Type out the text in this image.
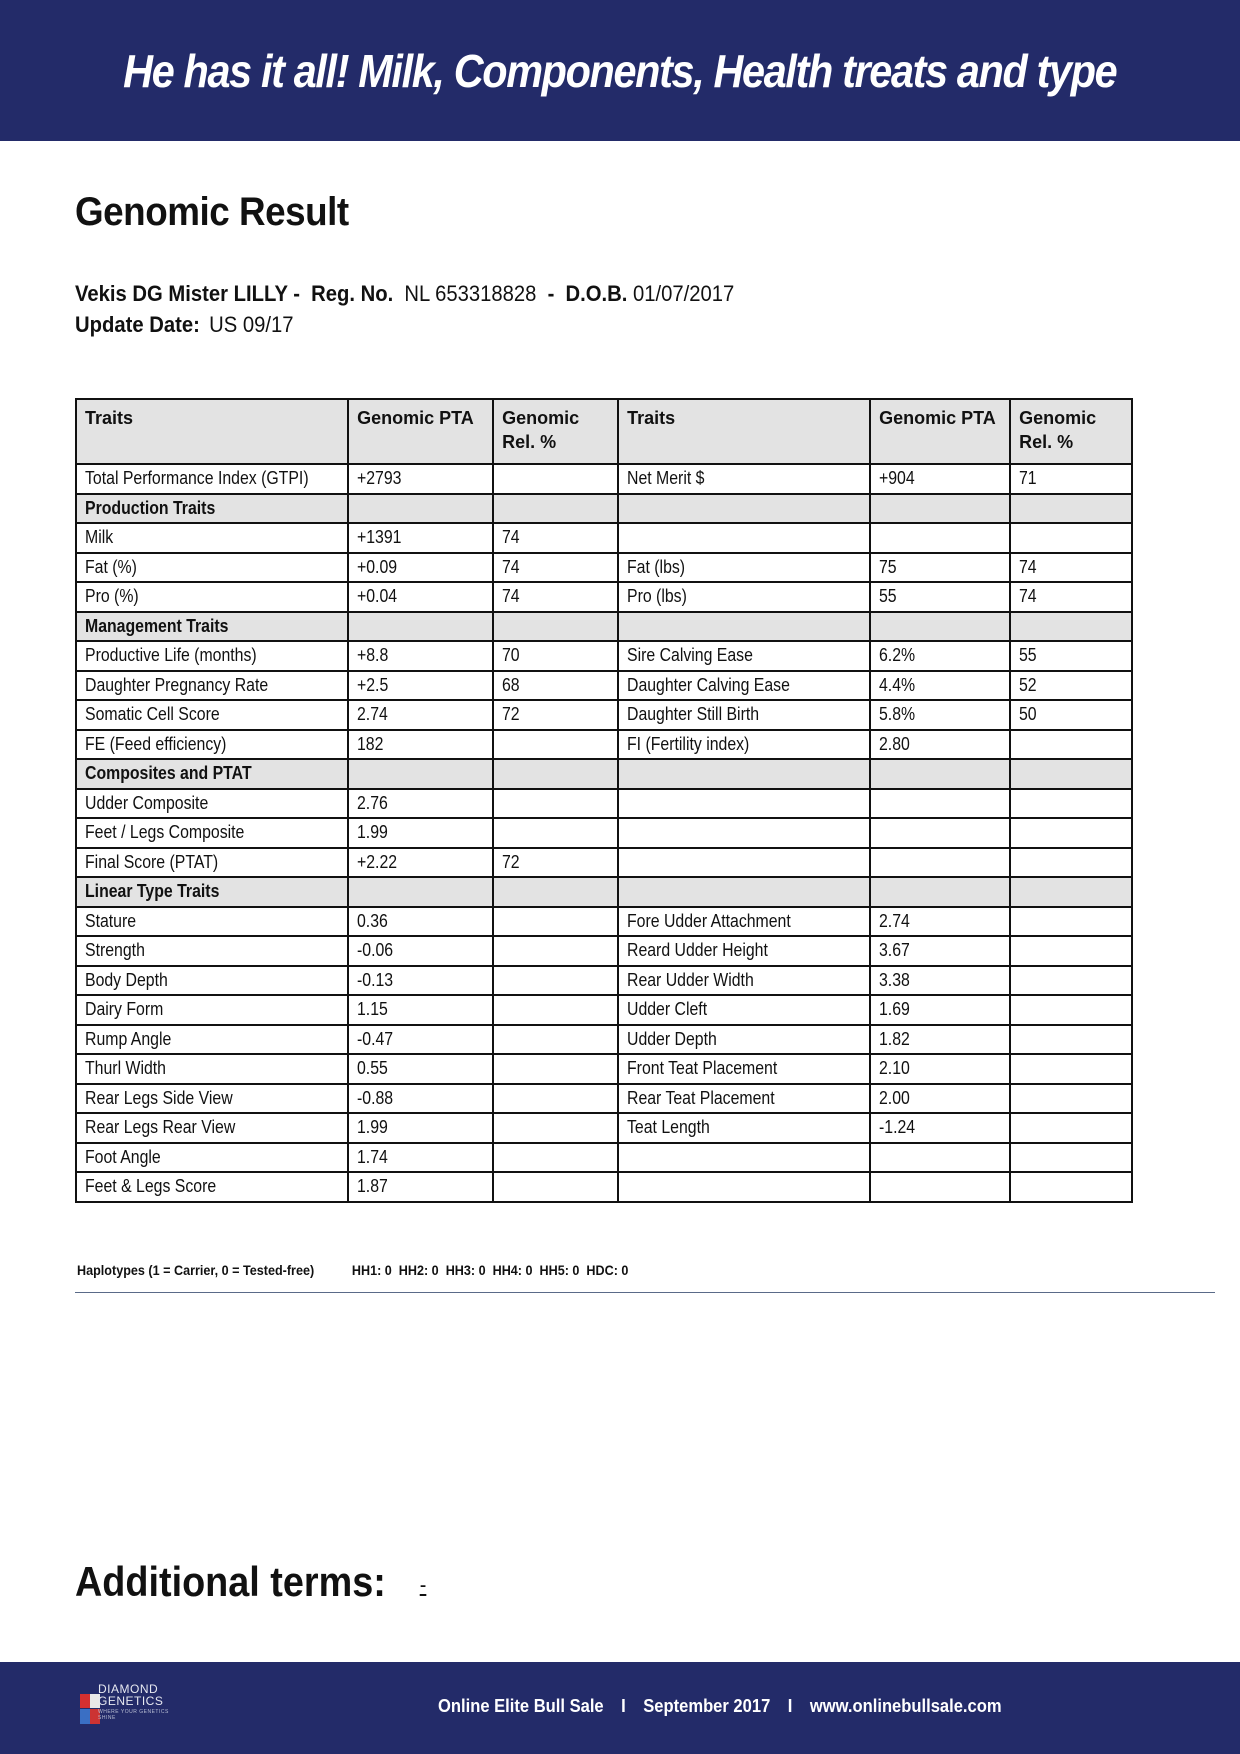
He has it all! Milk, Components, Health treats and type
Genomic Result
Vekis DG Mister LILLY - Reg. No. NL 653318828 - D.O.B. 01/07/2017
Update Date: US 09/17
Traits	Genomic PTA	Genomic Rel. %	Traits	Genomic PTA	Genomic Rel. %
Total Performance Index (GTPI)	+2793		Net Merit $	+904	71
Production Traits					
Milk	+1391	74			
Fat (%)	+0.09	74	Fat (lbs)	75	74
Pro (%)	+0.04	74	Pro (lbs)	55	74
Management Traits					
Productive Life (months)	+8.8	70	Sire Calving Ease	6.2%	55
Daughter Pregnancy Rate	+2.5	68	Daughter Calving Ease	4.4%	52
Somatic Cell Score	2.74	72	Daughter Still Birth	5.8%	50
FE (Feed efficiency)	182		FI (Fertility index)	2.80	
Composites and PTAT					
Udder Composite	2.76				
Feet / Legs Composite	1.99				
Final Score (PTAT)	+2.22	72			
Linear Type Traits					
Stature	0.36		Fore Udder Attachment	2.74	
Strength	-0.06		Reard Udder Height	3.67	
Body Depth	-0.13		Rear Udder Width	3.38	
Dairy Form	1.15		Udder Cleft	1.69	
Rump Angle	-0.47		Udder Depth	1.82	
Thurl Width	0.55		Front Teat Placement	2.10	
Rear Legs Side View	-0.88		Rear Teat Placement	2.00	
Rear Legs Rear View	1.99		Teat Length	-1.24	
Foot Angle	1.74				
Feet & Legs Score	1.87				
Haplotypes (1 = Carrier, 0 = Tested-free)	HH1: 0  HH2: 0  HH3: 0  HH4: 0  HH5: 0  HDC: 0
Additional terms: -
DIAMOND
GENETICS
WHERE YOUR GENETICS SHINE
Online Elite Bull Sale I September 2017 I www.onlinebullsale.com
